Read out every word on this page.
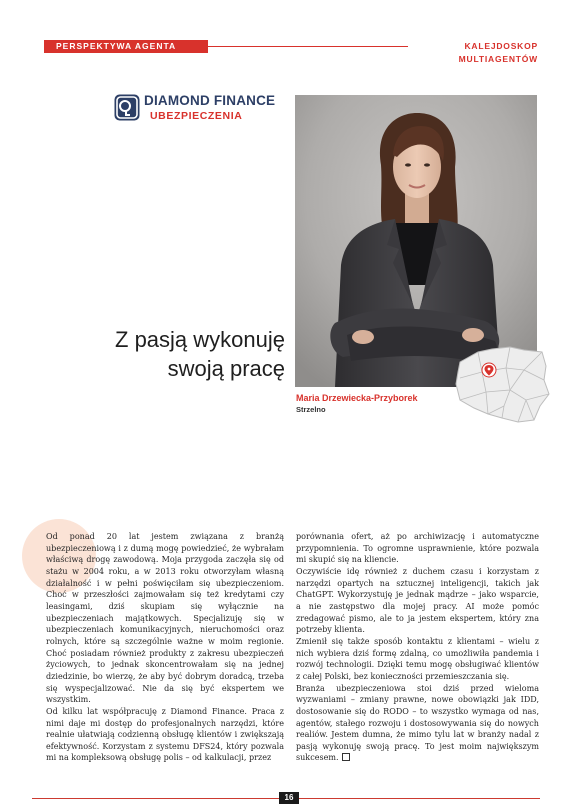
PERSPEKTYWA AGENTA	KALEJDOSKOP MULTIAGENTÓW
DIAMOND FINANCE
UBEZPIECZENIA
Z pasją wykonuję
swoją pracę
Maria Drzewiecka-Przyborek
Strzelno

Od ponad 20 lat jestem związana z branżą ubezpieczeniową i z dumą mogę powiedzieć, że wybrałam właściwą drogę zawodową. Moja przygoda zaczęła się od stażu w 2004 roku, a w 2013 roku otworzyłam własną działalność i w pełni poświęciłam się ubezpieczeniom. Choć w przeszłości zajmowałam się też kredytami czy leasingami, dziś skupiam się wyłącznie na ubezpieczeniach majątkowych. Specjalizuję się w ubezpieczeniach komunikacyjnych, nieruchomości oraz rolnych, które są szczególnie ważne w moim regionie. Choć posiadam również produkty z zakresu ubezpieczeń życiowych, to jednak skoncentrowałam się na jednej dziedzinie, bo wierzę, że aby być dobrym doradcą, trzeba się wyspecjalizować. Nie da się być ekspertem we wszystkim.

Od kilku lat współpracuję z Diamond Finance. Praca z nimi daje mi dostęp do profesjonalnych narzędzi, które realnie ułatwiają codzienną obsługę klientów i zwiększają efektywność. Korzystam z systemu DFS24, który pozwala mi na kompleksową obsługę polis – od kalkulacji, przez

porównania ofert, aż po archiwizację i automatyczne przypomnienia. To ogromne usprawnienie, które pozwala mi skupić się na kliencie.

Oczywiście idę również z duchem czasu i korzystam z narzędzi opartych na sztucznej inteligencji, takich jak ChatGPT. Wykorzystuję je jednak mądrze – jako wsparcie, a nie zastępstwo dla mojej pracy. AI może pomóc zredagować pismo, ale to ja jestem ekspertem, który zna potrzeby klienta.

Zmienił się także sposób kontaktu z klientami – wielu z nich wybiera dziś formę zdalną, co umożliwiła pandemia i rozwój technologii. Dzięki temu mogę obsługiwać klientów z całej Polski, bez konieczności przemieszczania się.

Branża ubezpieczeniowa stoi dziś przed wieloma wyzwaniami – zmiany prawne, nowe obowiązki jak IDD, dostosowanie się do RODO – to wszystko wymaga od nas, agentów, stałego rozwoju i dostosowywania się do nowych realiów. Jestem dumna, że mimo tylu lat w branży nadal z pasją wykonuję swoją pracę. To jest moim największym sukcesem.

16
